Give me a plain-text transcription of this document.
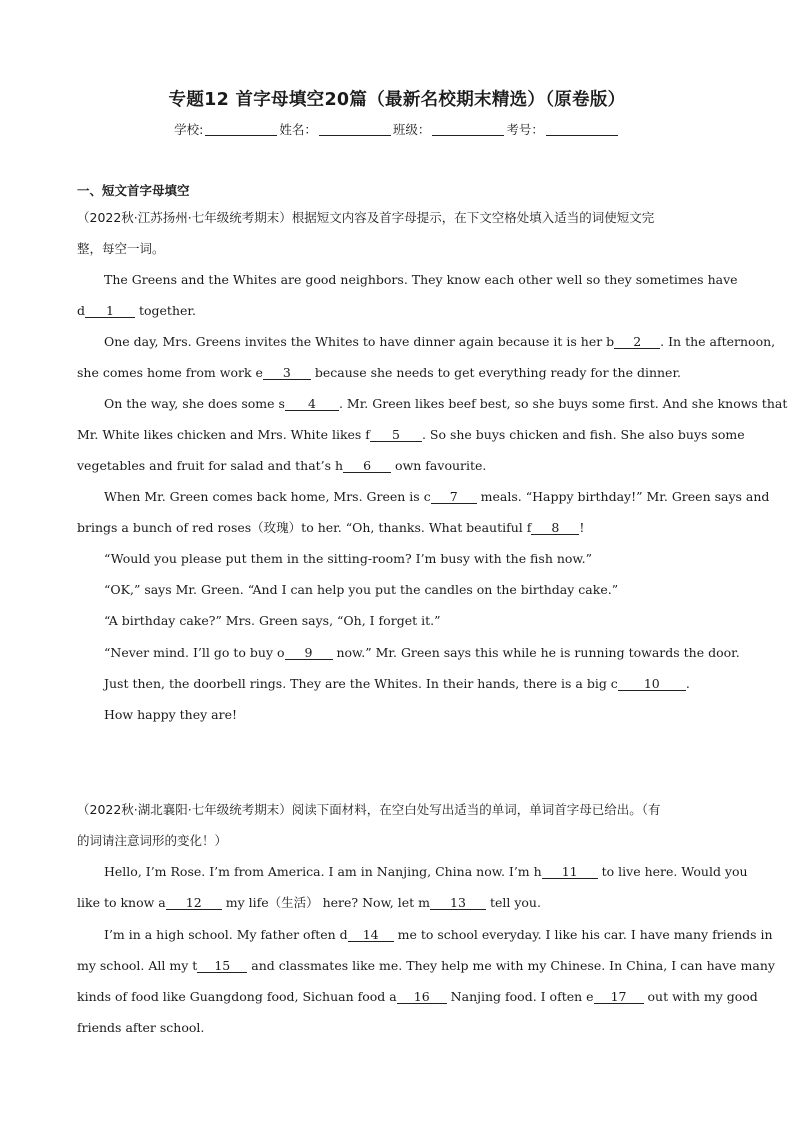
专题12 首字母填空20篇（最新名校期末精选）（原卷版）
学校:	姓名：	班级：	考号：
一、短文首字母填空
（2022秋·江苏扬州·七年级统考期末）根据短文内容及首字母提示，在下文空格处填入适当的词使短文完
整，每空一词。
The Greens and the Whites are good neighbors. They know each other well so they sometimes have
d 1 together.
One day, Mrs. Greens invites the Whites to have dinner again because it is her b 2 . In the afternoon,
she comes home from work e 3 because she needs to get everything ready for the dinner.
On the way, she does some s 4 . Mr. Green likes beef best, so she buys some first. And she knows that
Mr. White likes chicken and Mrs. White likes f 5 . So she buys chicken and fish. She also buys some
vegetables and fruit for salad and that’s h 6 own favourite.
When Mr. Green comes back home, Mrs. Green is c 7 meals. “Happy birthday!” Mr. Green says and
brings a bunch of red roses（玫瑰）to her. “Oh, thanks. What beautiful f 8 !
“Would you please put them in the sitting-room? I’m busy with the fish now.”
“OK,” says Mr. Green. “And I can help you put the candles on the birthday cake.”
“A birthday cake?” Mrs. Green says, “Oh, I forget it.”
“Never mind. I’ll go to buy o 9 now.” Mr. Green says this while he is running towards the door.
Just then, the doorbell rings. They are the Whites. In their hands, there is a big c 10 .
How happy they are!
（2022秋·湖北襄阳·七年级统考期末）阅读下面材料，在空白处写出适当的单词，单词首字母已给出。（有
的词请注意词形的变化！）
Hello, I’m Rose. I’m from America. I am in Nanjing, China now. I’m h 11 to live here. Would you
like to know a 12 my life（生活） here? Now, let m 13 tell you.
I’m in a high school. My father often d 14 me to school everyday. I like his car. I have many friends in
my school. All my t 15 and classmates like me. They help me with my Chinese. In China, I can have many
kinds of food like Guangdong food, Sichuan food a 16 Nanjing food. I often e 17 out with my good
friends after school.
